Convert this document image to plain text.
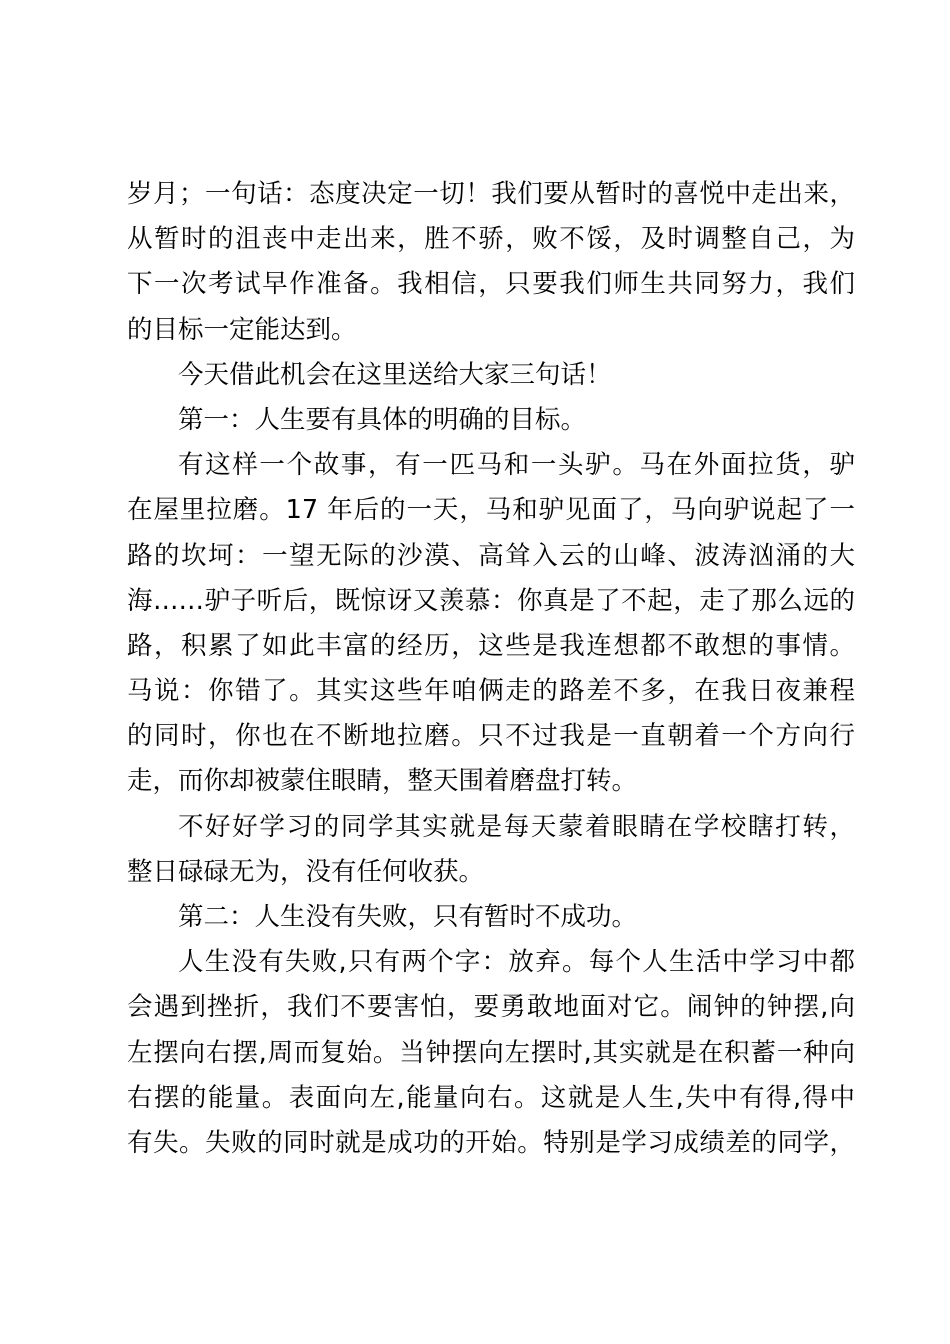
岁月；一句话：态度决定一切！我们要从暂时的喜悦中走出来，
从暂时的沮丧中走出来，胜不骄，败不馁，及时调整自己，为
下一次考试早作准备。我相信，只要我们师生共同努力，我们
的目标一定能达到。
今天借此机会在这里送给大家三句话！
第一：人生要有具体的明确的目标。
有这样一个故事，有一匹马和一头驴。马在外面拉货，驴
在屋里拉磨。17 年后的一天，马和驴见面了，马向驴说起了一
路的坎坷：一望无际的沙漠、高耸入云的山峰、波涛汹涌的大
海……驴子听后，既惊讶又羡慕：你真是了不起，走了那么远的
路，积累了如此丰富的经历，这些是我连想都不敢想的事情。
马说：你错了。其实这些年咱俩走的路差不多，在我日夜兼程
的同时，你也在不断地拉磨。只不过我是一直朝着一个方向行
走，而你却被蒙住眼睛，整天围着磨盘打转。
不好好学习的同学其实就是每天蒙着眼睛在学校瞎打转，
整日碌碌无为，没有任何收获。
第二：人生没有失败，只有暂时不成功。
人生没有失败,只有两个字：放弃。每个人生活中学习中都
会遇到挫折，我们不要害怕，要勇敢地面对它。闹钟的钟摆,向
左摆向右摆,周而复始。当钟摆向左摆时,其实就是在积蓄一种向
右摆的能量。表面向左,能量向右。这就是人生,失中有得,得中
有失。失败的同时就是成功的开始。特别是学习成绩差的同学，
